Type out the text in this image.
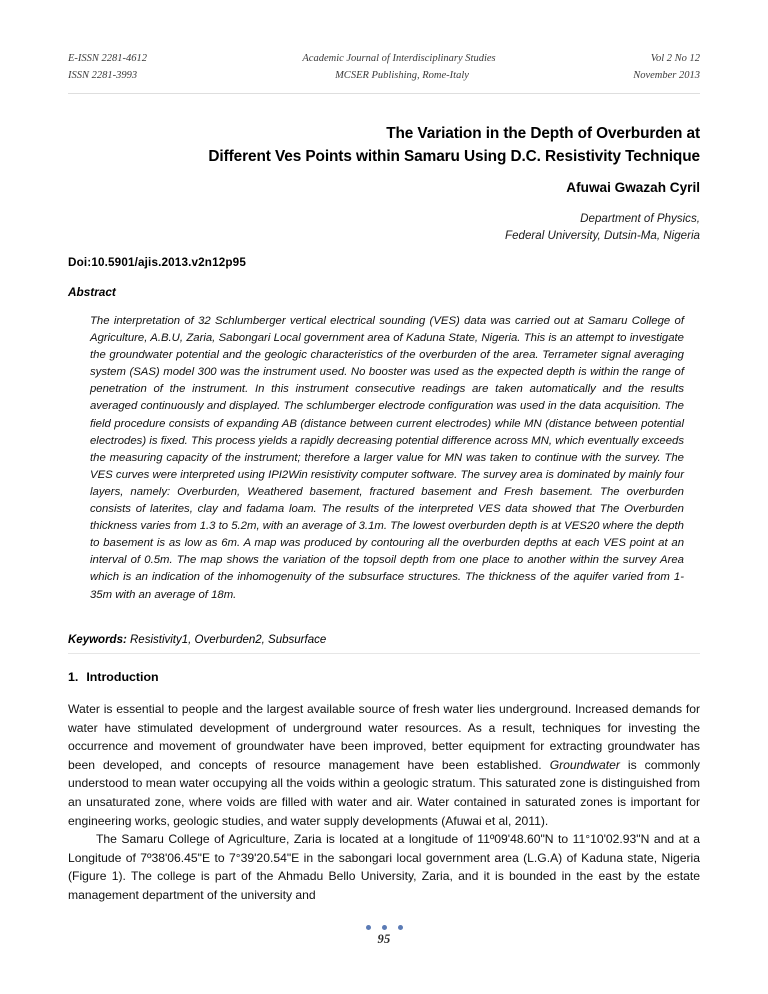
E-ISSN 2281-4612	Academic Journal of Interdisciplinary Studies	Vol 2 No 12
ISSN 2281-3993	MCSER Publishing, Rome-Italy	November 2013
The Variation in the Depth of Overburden at
Different Ves Points within Samaru Using D.C. Resistivity Technique
Afuwai Gwazah Cyril
Department of Physics,
Federal University, Dutsin-Ma, Nigeria
Doi:10.5901/ajis.2013.v2n12p95
Abstract
The interpretation of 32 Schlumberger vertical electrical sounding (VES) data was carried out at Samaru College of Agriculture, A.B.U, Zaria, Sabongari Local government area of Kaduna State, Nigeria. This is an attempt to investigate the groundwater potential and the geologic characteristics of the overburden of the area. Terrameter signal averaging system (SAS) model 300 was the instrument used. No booster was used as the expected depth is within the range of penetration of the instrument. In this instrument consecutive readings are taken automatically and the results averaged continuously and displayed. The schlumberger electrode configuration was used in the data acquisition. The field procedure consists of expanding AB (distance between current electrodes) while MN (distance between potential electrodes) is fixed. This process yields a rapidly decreasing potential difference across MN, which eventually exceeds the measuring capacity of the instrument; therefore a larger value for MN was taken to continue with the survey. The VES curves were interpreted using IPI2Win resistivity computer software. The survey area is dominated by mainly four layers, namely: Overburden, Weathered basement, fractured basement and Fresh basement. The overburden consists of laterites, clay and fadama loam. The results of the interpreted VES data showed that The Overburden thickness varies from 1.3 to 5.2m, with an average of 3.1m. The lowest overburden depth is at VES20 where the depth to basement is as low as 6m. A map was produced by contouring all the overburden depths at each VES point at an interval of 0.5m. The map shows the variation of the topsoil depth from one place to another within the survey Area which is an indication of the inhomogenuity of the subsurface structures. The thickness of the aquifer varied from 1-35m with an average of 18m.
Keywords: Resistivity1, Overburden2, Subsurface
1. Introduction

Water is essential to people and the largest available source of fresh water lies underground. Increased demands for water have stimulated development of underground water resources. As a result, techniques for investing the occurrence and movement of groundwater have been improved, better equipment for extracting groundwater has been developed, and concepts of resource management have been established. Groundwater is commonly understood to mean water occupying all the voids within a geologic stratum. This saturated zone is distinguished from an unsaturated zone, where voids are filled with water and air. Water contained in saturated zones is important for engineering works, geologic studies, and water supply developments (Afuwai et al, 2011).

The Samaru College of Agriculture, Zaria is located at a longitude of 11º09'48.60"N to 11°10'02.93"N and at a Longitude of 7º38'06.45"E to 7°39'20.54"E in the sabongari local government area (L.G.A) of Kaduna state, Nigeria (Figure 1). The college is part of the Ahmadu Bello University, Zaria, and it is bounded in the east by the estate management department of the university and

95
